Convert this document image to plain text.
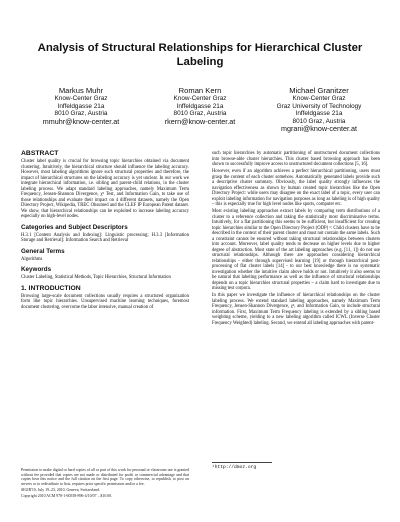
Analysis of Structural Relationships for Hierarchical Cluster Labeling
Markus Muhr
Know-Center Graz
Inffeldgasse 21a
8010 Graz, Austria
mmuhr@know-center.at
Roman Kern
Know-Center Graz
Inffeldgasse 21a
8010 Graz, Austria
rkern@know-center.at
Michael Granitzer
Know-Center Graz
Graz University of Technology
Inffeldgasse 21a
8010 Graz, Austria
mgrani@know-center.at
ABSTRACT

Cluster label quality is crucial for browsing topic hierarchies obtained via document clustering. Intuitively, the hierarchical structure should influence the labeling accuracy. However, most labeling algorithms ignore such structural properties and therefore, the impact of hierarchical structures on the labeling accuracy is yet unclear. In our work we integrate hierarchical information, i.e. sibling and parent-child relations, in the cluster labeling process. We adapt standard labeling approaches, namely Maximum Term Frequency, Jensen-Shannon Divergence, χ² Test, and Information Gain, to take use of those relationships and evaluate their impact on 4 different datasets, namely the Open Directory Project, Wikipedia, TREC Ohsumed and the CLEF IP European Patent dataset. We show, that hierarchical relationships can be exploited to increase labeling accuracy especially on high-level nodes.

Categories and Subject Descriptors

H.3.1 [Content Analysis and Indexing]: Linguistic processing; H.3.3 [Information Storage and Retrieval]: Information Search and Retrieval

General Terms

Algorithms

Keywords

Cluster Labeling, Statistical Methods, Topic Hierarchies, Structural Information

1. INTRODUCTION

Browsing large-scale document collections usually requires a structured organization form like topic hierarchies. Unsupervised machine learning techniques, foremost document clustering, overcome the labor intensive, manual creation of

Permission to make digital or hard copies of all or part of this work for personal or classroom use is granted without fee provided that copies are not made or distributed for profit or commercial advantage and that copies bear this notice and the full citation on the first page. To copy otherwise, to republish, to post on servers or to redistribute to lists, requires prior specific permission and/or a fee.

SIGIR'10, July 19–23, 2010, Geneva, Switzerland.

Copyright 2010 ACM 978-1-60558-896-4/10/07 ...$10.00.

such topic hierarchies by automatic partitioning of unstructured document collections into browse-able cluster hierarchies. This cluster based browsing approach has been shown to successfully improve access to unstructured document collections [5, 16].

However, even if an algorithm achieves a perfect hierarchical partitioning, users must grasp the content of each cluster somehow. Automatically generated labels provide such a descriptive cluster summary. Obviously, the label quality strongly influences the navigation effectiveness as shown by human created topic hierarchies like the Open Directory Project: while users may disagree on the exact label of a topic, every user can exploit labeling information for navigation purposes as long as labeling is of high quality – this is especially true for high level nodes like sports, computer etc.

Most existing labeling approaches extract labels by comparing term distributions of a cluster to a reference collection and taking the statistically most discriminative terms. Intuitively, for a flat partitioning this seems to be sufficient, but insufficient for creating topic hierarchies similar to the Open Directory Project (ODP) ¹: Child clusters have to be described in the context of their parent cluster and must not contain the same labels. Such a constraint cannot be ensured without taking structural relationships between clusters into account. Moreover, label quality tends to decrease on higher levels due to higher degree of abstraction. Most state of the art labeling approaches (e.g. [11, 1]) do not use structural relationships. Although there are approaches considering hierarchical relationships - either through supervised learning [19] or through hierarchical post-processing of flat cluster labels [14] - to our best knowledge there is no systematic investigation whether the intuitive claim above holds or not. Intuitively it also seems to be natural that labeling performance as well as the influence of structural relationships depends on a topic hierarchies structural properties – a claim hard to investigate due to missing test corpora.

In this paper we investigate the influence of hierarchical relationships on the cluster labeling process. We extend standard labeling approaches, namely Maximum Term Frequency, Jensen-Shannon Divergence, χ², and Information Gain, to include structural information. First, Maximum Term Frequency labeling is extended by a sibling based weighting scheme, yielding to a new labeling algorithm called ICWL (Inverse Cluster Frequency Weighted) labeling. Second, we extend all labeling approaches with parent-

¹http://dmoz.org
